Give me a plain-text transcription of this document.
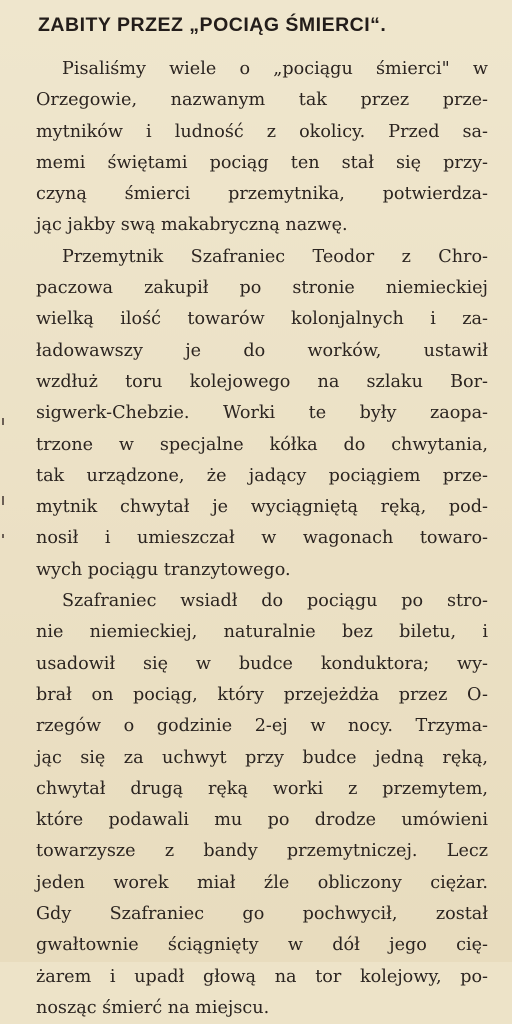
ZABITY PRZEZ „POCIĄG ŚMIERCI“.
Pisaliśmy wiele o „pociągu śmierci" w
Orzegowie, nazwanym tak przez prze-
mytników i ludność z okolicy. Przed sa-
memi świętami pociąg ten stał się przy-
czyną śmierci przemytnika, potwierdza-
jąc jakby swą makabryczną nazwę.
Przemytnik Szafraniec Teodor z Chro-
paczowa zakupił po stronie niemieckiej
wielką ilość towarów kolonjalnych i za-
ładowawszy je do worków, ustawił
wzdłuż toru kolejowego na szlaku Bor-
sigwerk-Chebzie. Worki te były zaopa-
trzone w specjalne kółka do chwytania,
tak urządzone, że jadący pociągiem prze-
mytnik chwytał je wyciągniętą ręką, pod-
nosił i umieszczał w wagonach towaro-
wych pociągu tranzytowego.
Szafraniec wsiadł do pociągu po stro-
nie niemieckiej, naturalnie bez biletu, i
usadowił się w budce konduktora; wy-
brał on pociąg, który przejeżdża przez O-
rzegów o godzinie 2-ej w nocy. Trzyma-
jąc się za uchwyt przy budce jedną ręką,
chwytał drugą ręką worki z przemytem,
które podawali mu po drodze umówieni
towarzysze z bandy przemytniczej. Lecz
jeden worek miał źle obliczony ciężar.
Gdy Szafraniec go pochwycił, został
gwałtownie ściągnięty w dół jego cię-
żarem i upadł głową na tor kolejowy, po-
nosząc śmierć na miejscu.
